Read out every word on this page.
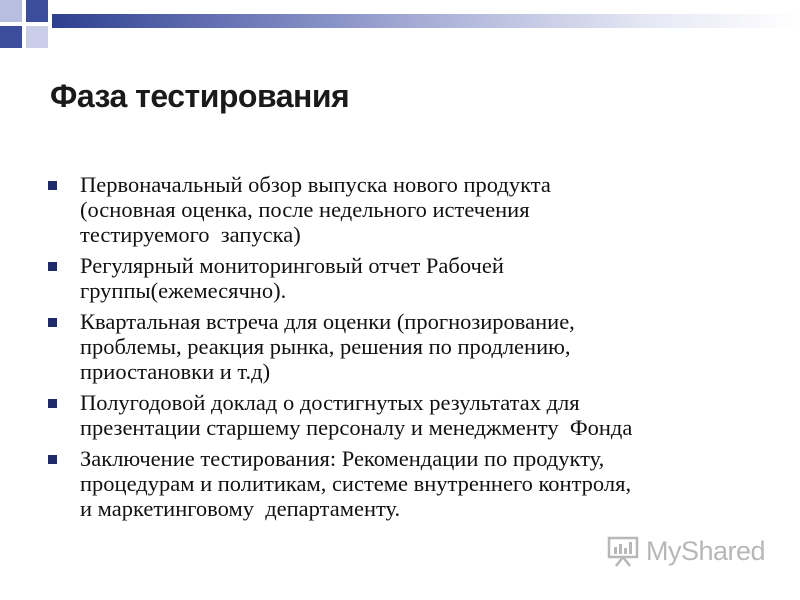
Фаза тестирования
Первоначальный обзор выпуска нового продукта
(основная оценка, после недельного истечения
тестируемого  запуска)
Регулярный мониторинговый отчет Рабочей
группы(ежемесячно).
Квартальная встреча для оценки (прогнозирование,
проблемы, реакция рынка, решения по продлению,
приостановки и т.д)
Полугодовой доклад о достигнутых результатах для
презентации старшему персоналу и менеджменту  Фонда
Заключение тестирования: Рекомендации по продукту,
процедурам и политикам, системе внутреннего контроля,
и маркетинговому  департаменту.
MyShared
